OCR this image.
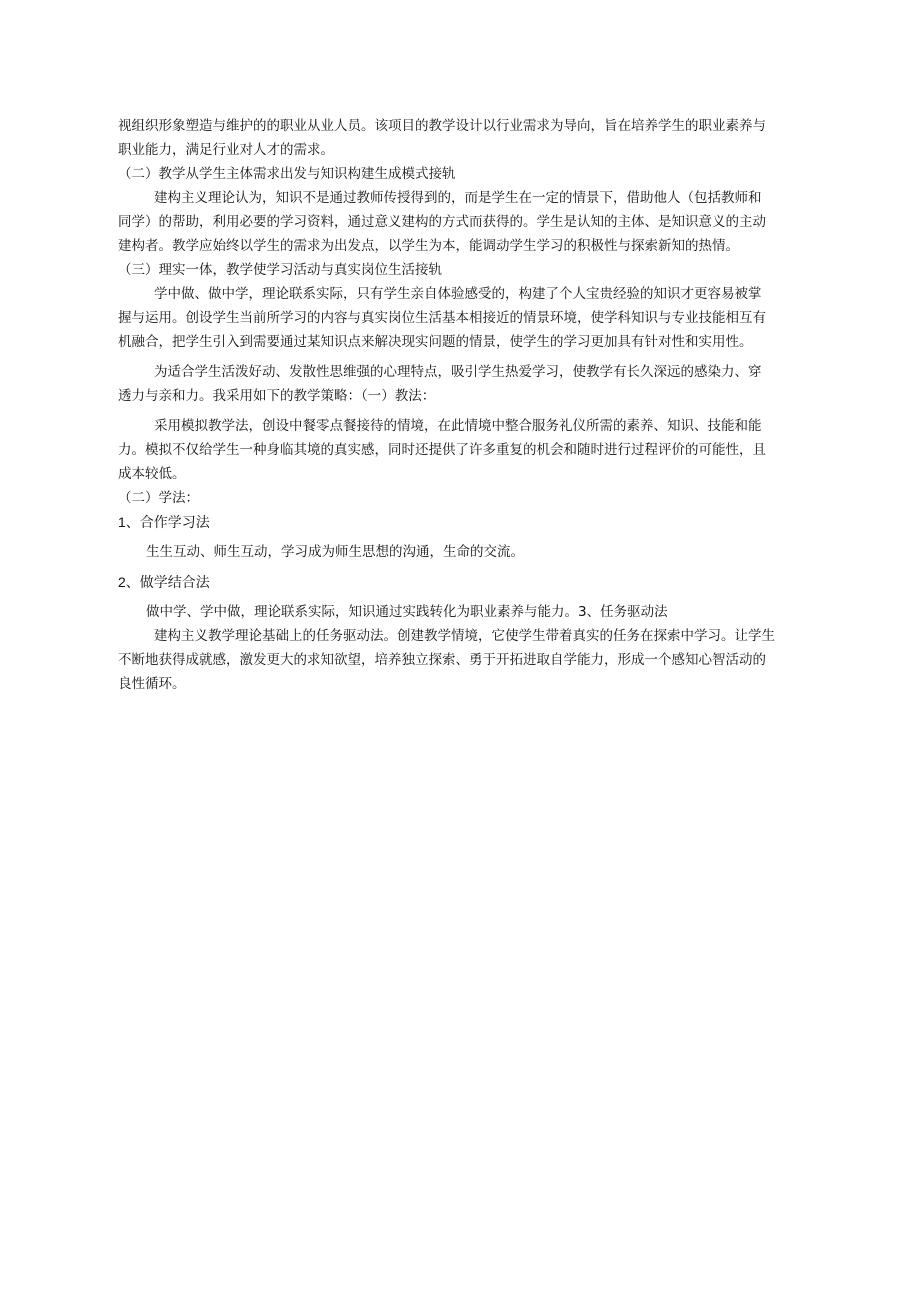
视组织形象塑造与维护的的职业从业人员。该项目的教学设计以行业需求为导向，旨在培养学生的职业素养与
职业能力，满足行业对人才的需求。
（二）教学从学生主体需求出发与知识构建生成模式接轨
建构主义理论认为，知识不是通过教师传授得到的，而是学生在一定的情景下，借助他人（包括教师和
同学）的帮助，利用必要的学习资料，通过意义建构的方式而获得的。学生是认知的主体、是知识意义的主动
建构者。教学应始终以学生的需求为出发点，以学生为本，能调动学生学习的积极性与探索新知的热情。
（三）理实一体，教学使学习活动与真实岗位生活接轨
学中做、做中学，理论联系实际，只有学生亲自体验感受的，构建了个人宝贵经验的知识才更容易被掌
握与运用。创设学生当前所学习的内容与真实岗位生活基本相接近的情景环境，使学科知识与专业技能相互有
机融合，把学生引入到需要通过某知识点来解决现实问题的情景，使学生的学习更加具有针对性和实用性。
为适合学生活泼好动、发散性思维强的心理特点，吸引学生热爱学习，使教学有长久深远的感染力、穿
透力与亲和力。我采用如下的教学策略：（一）教法：
采用模拟教学法，创设中餐零点餐接待的情境，在此情境中整合服务礼仪所需的素养、知识、技能和能
力。模拟不仅给学生一种身临其境的真实感，同时还提供了许多重复的机会和随时进行过程评价的可能性，且
成本较低。
（二）学法：
1、合作学习法
生生互动、师生互动，学习成为师生思想的沟通，生命的交流。
2、做学结合法
做中学、学中做，理论联系实际，知识通过实践转化为职业素养与能力。3、任务驱动法
建构主义教学理论基础上的任务驱动法。创建教学情境，它使学生带着真实的任务在探索中学习。让学生
不断地获得成就感，激发更大的求知欲望，培养独立探索、勇于开拓进取自学能力，形成一个感知心智活动的
良性循环。
